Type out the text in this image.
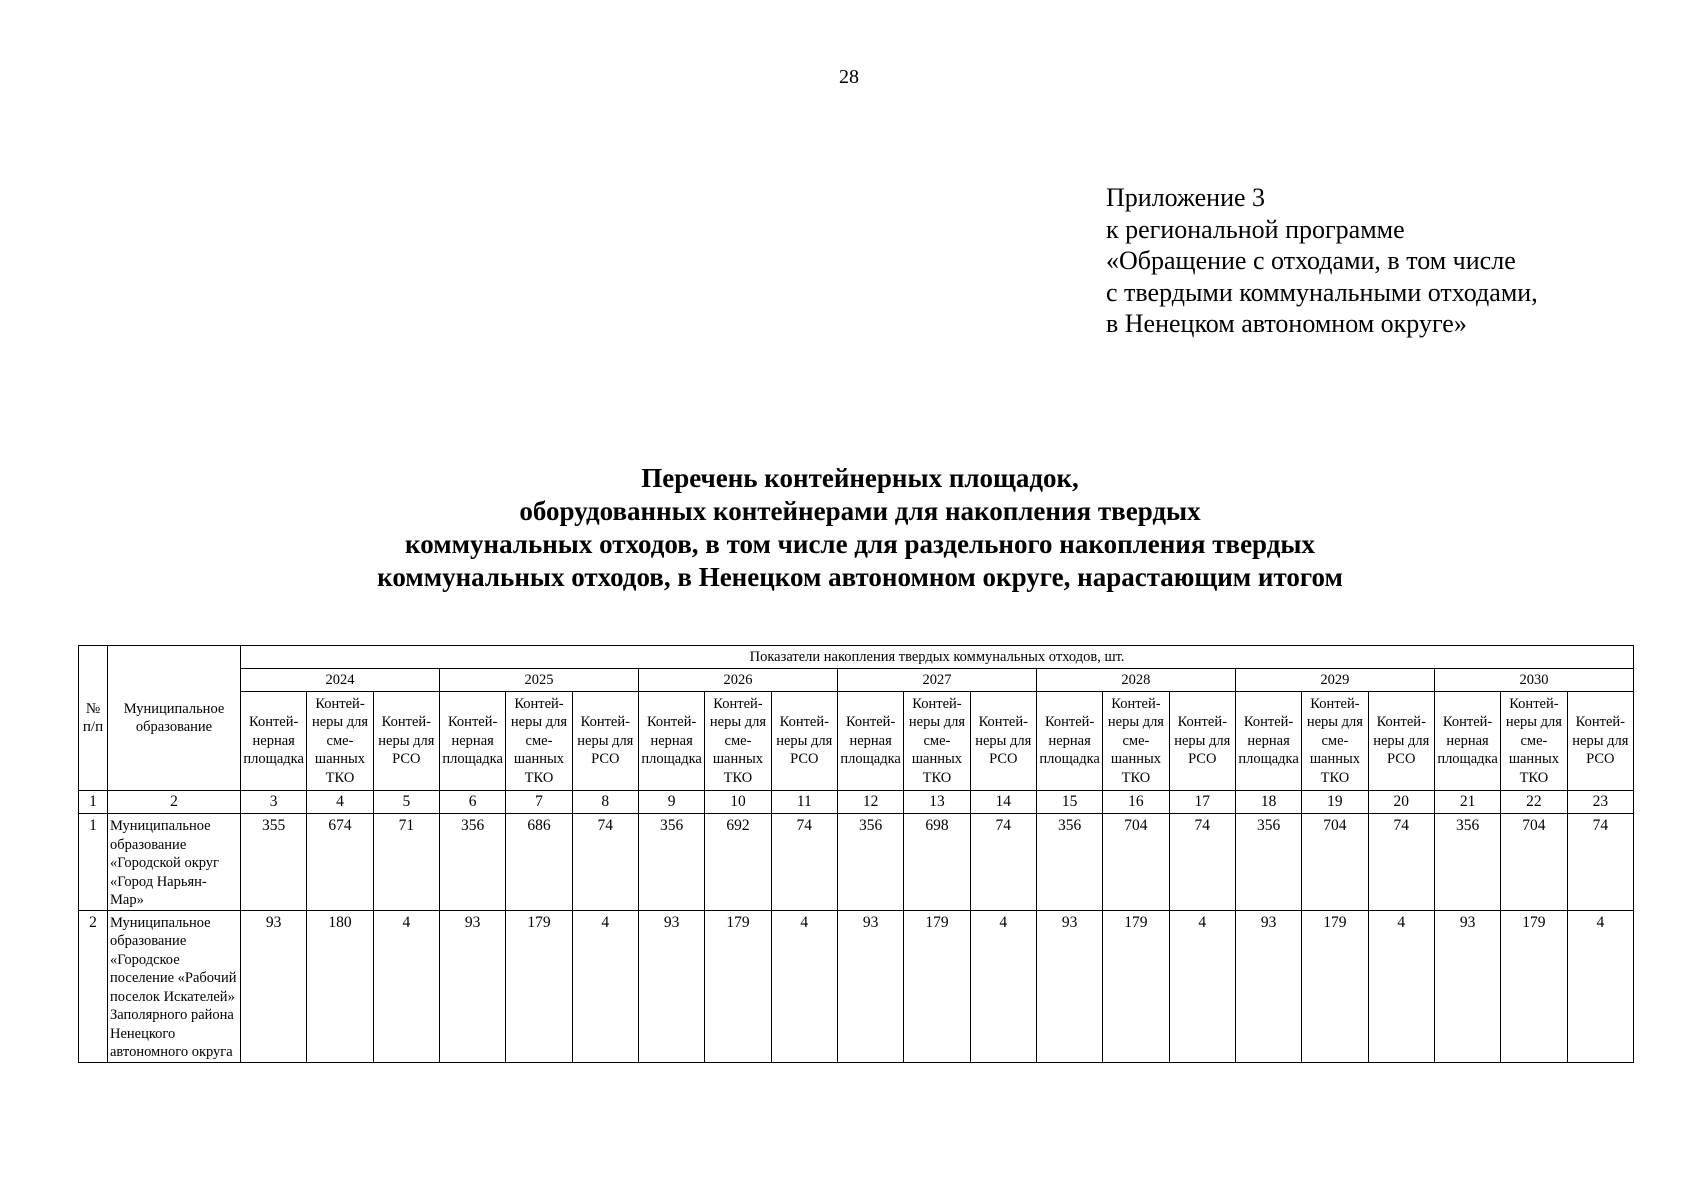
28
Приложение 3
к региональной программе
«Обращение с отходами, в том числе
с твердыми коммунальными отходами,
в Ненецком автономном округе»
Перечень контейнерных площадок,
оборудованных контейнерами для накопления твердых
коммунальных отходов, в том числе для раздельного накопления твердых
коммунальных отходов, в Ненецком автономном округе, нарастающим итогом
№ п/п	Муниципальное образование	Показатели накопления твердых коммунальных отходов, шт.																				
		2024			2025			2026			2027			2028			2029			2030		
		Контей-нерная площадка	Контей-неры для сме-шанных ТКО	Контей-неры для РСО	Контей-нерная площадка	Контей-неры для сме-шанных ТКО	Контей-неры для РСО	Контей-нерная площадка	Контей-неры для сме-шанных ТКО	Контей-неры для РСО	Контей-нерная площадка	Контей-неры для сме-шанных ТКО	Контей-неры для РСО	Контей-нерная площадка	Контей-неры для сме-шанных ТКО	Контей-неры для РСО	Контей-нерная площадка	Контей-неры для сме-шанных ТКО	Контей-неры для РСО	Контей-нерная площадка	Контей-неры для сме-шанных ТКО	Контей-неры для РСО
1	2	3	4	5	6	7	8	9	10	11	12	13	14	15	16	17	18	19	20	21	22	23
1	Муниципальное образование «Городской округ «Город Нарьян-Мар»	355	674	71	356	686	74	356	692	74	356	698	74	356	704	74	356	704	74	356	704	74
2	Муниципальное образование «Городское поселение «Рабочий поселок Искателей» Заполярного района Ненецкого автономного округа	93	180	4	93	179	4	93	179	4	93	179	4	93	179	4	93	179	4	93	179	4
